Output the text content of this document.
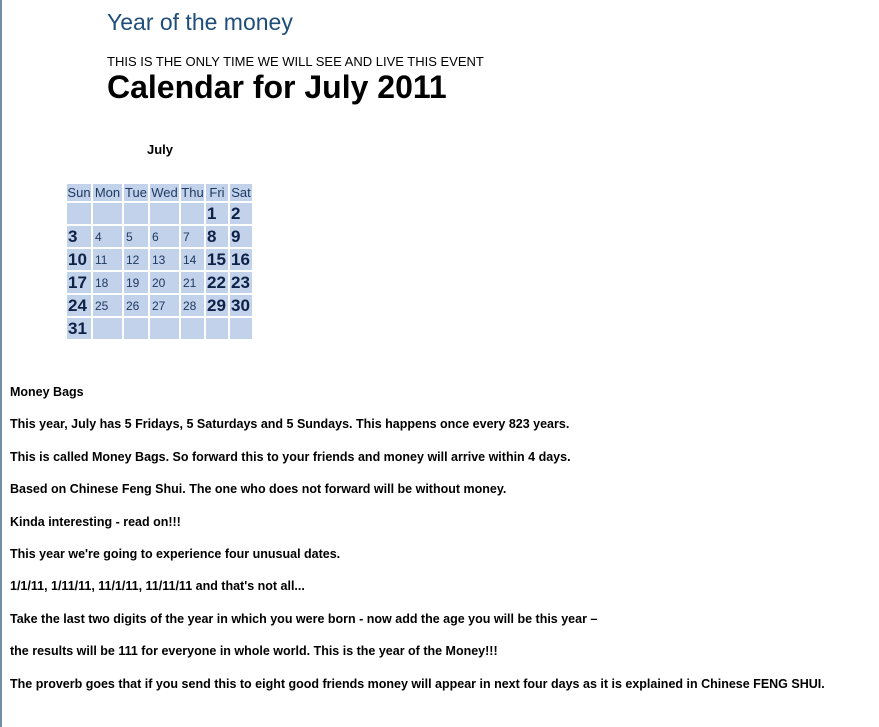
Year of the money

THIS IS THE ONLY TIME WE WILL SEE AND LIVE THIS EVENT

Calendar for July 2011
July
Sun	Mon	Tue	Wed	Thu	Fri	Sat
					1	2
3	4	5	6	7	8	9
10	11	12	13	14	15	16
17	18	19	20	21	22	23
24	25	26	27	28	29	30
31						

Money Bags

This year, July has 5 Fridays, 5 Saturdays and 5 Sundays. This happens once every 823 years.

This is called Money Bags. So forward this to your friends and money will arrive within 4 days.

Based on Chinese Feng Shui. The one who does not forward will be without money.

Kinda interesting - read on!!!

This year we're going to experience four unusual dates.

1/1/11, 1/11/11, 11/1/11, 11/11/11 and that's not all...

Take the last two digits of the year in which you were born - now add the age you will be this year –

the results will be 111 for everyone in whole world. This is the year of the Money!!!

The proverb goes that if you send this to eight good friends money will appear in next four days as it is explained in Chinese FENG SHUI.
